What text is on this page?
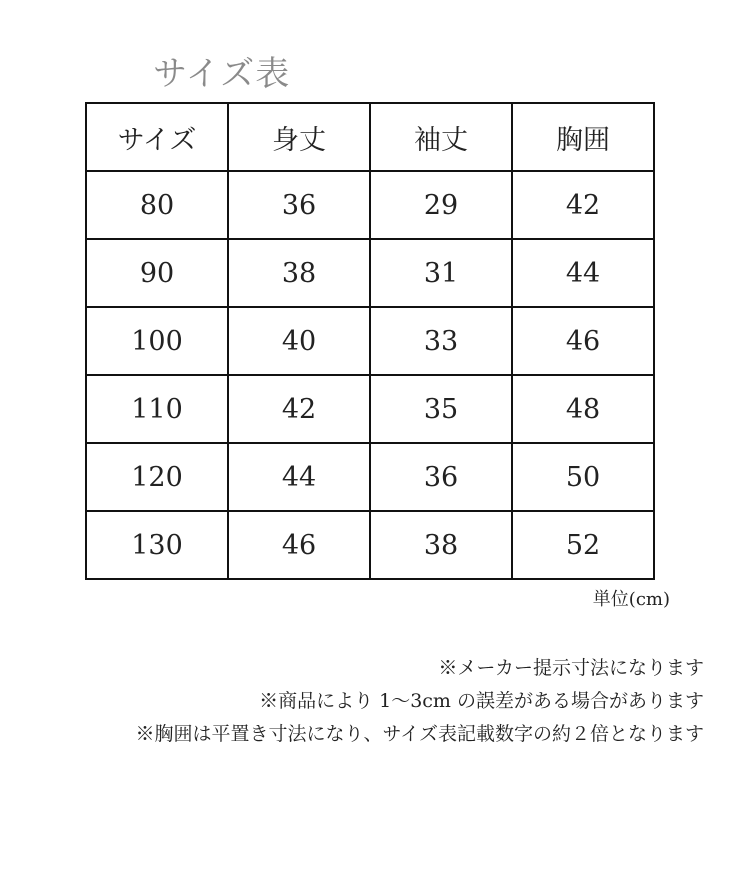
サイズ表
サイズ	身丈	袖丈	胸囲
80	36	29	42
90	38	31	44
100	40	33	46
110	42	35	48
120	44	36	50
130	46	38	52
単位(cm)
※メーカー提示寸法になります
※商品により 1〜3cm の誤差がある場合があります
※胸囲は平置き寸法になり、サイズ表記載数字の約２倍となります
